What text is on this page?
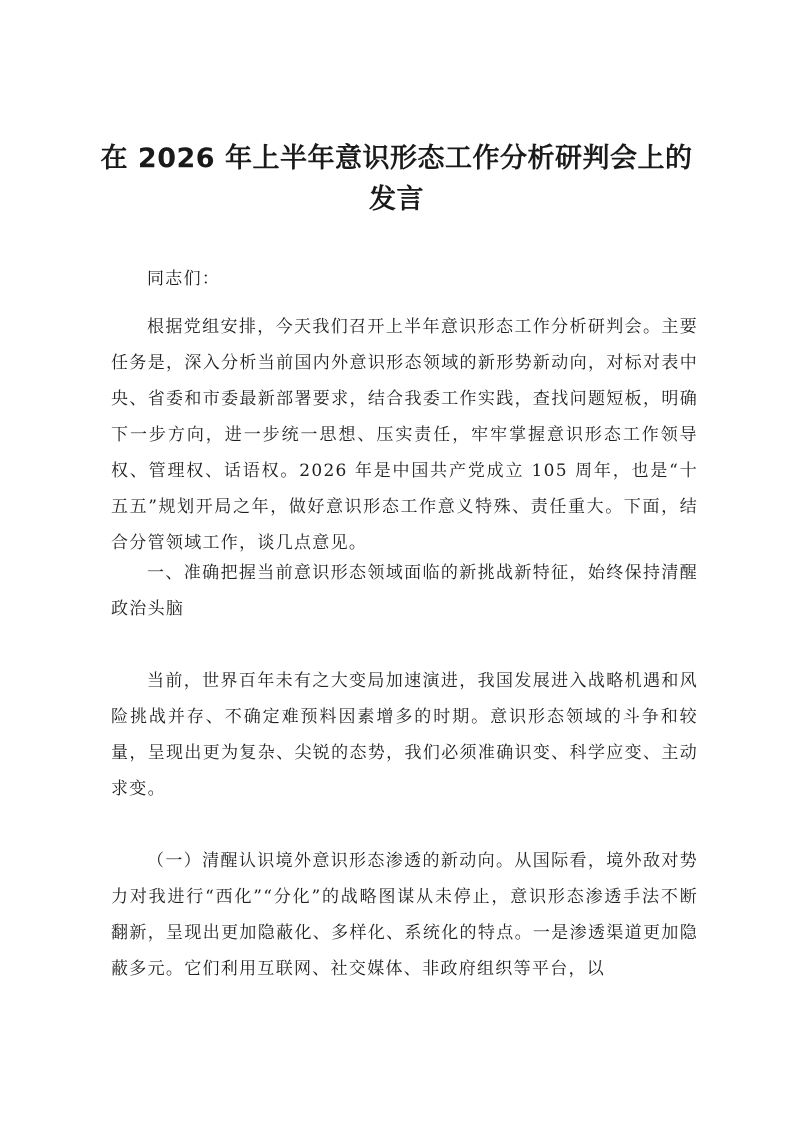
在 2026 年上半年意识形态工作分析研判会上的发言

同志们：

根据党组安排，今天我们召开上半年意识形态工作分析研判会。主要任务是，深入分析当前国内外意识形态领域的新形势新动向，对标对表中央、省委和市委最新部署要求，结合我委工作实践，查找问题短板，明确下一步方向，进一步统一思想、压实责任，牢牢掌握意识形态工作领导权、管理权、话语权。2026 年是中国共产党成立 105 周年，也是“十五五”规划开局之年，做好意识形态工作意义特殊、责任重大。下面，结合分管领域工作，谈几点意见。

一、准确把握当前意识形态领域面临的新挑战新特征，始终保持清醒政治头脑

当前，世界百年未有之大变局加速演进，我国发展进入战略机遇和风险挑战并存、不确定难预料因素增多的时期。意识形态领域的斗争和较量，呈现出更为复杂、尖锐的态势，我们必须准确识变、科学应变、主动求变。

（一）清醒认识境外意识形态渗透的新动向。从国际看，境外敌对势力对我进行“西化”“分化”的战略图谋从未停止，意识形态渗透手法不断翻新，呈现出更加隐蔽化、多样化、系统化的特点。一是渗透渠道更加隐蔽多元。它们利用互联网、社交媒体、非政府组织等平台，以
